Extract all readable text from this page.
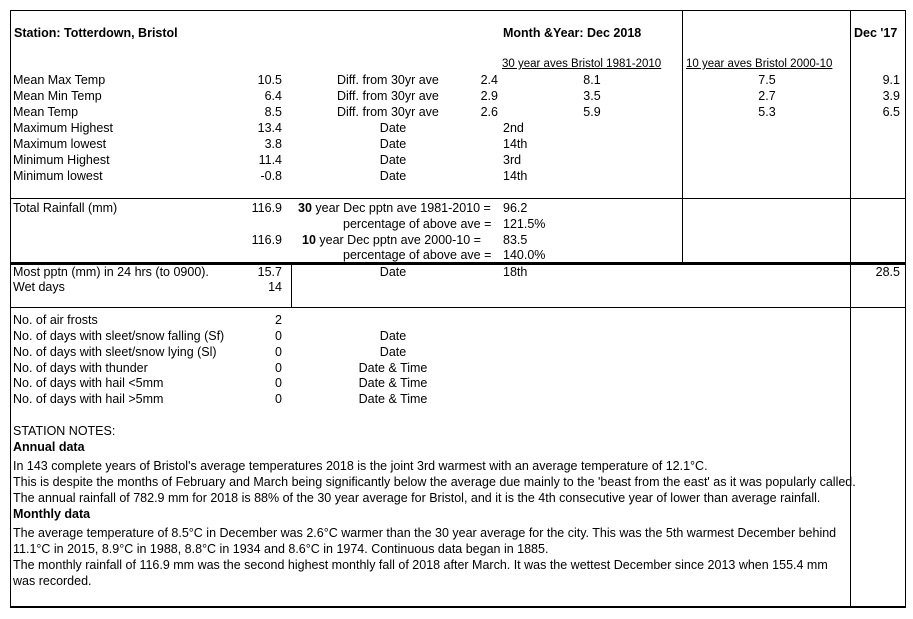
Station: Totterdown, Bristol	Month &Year: Dec 2018	Dec '17
30 year aves Bristol 1981-2010 10 year aves Bristol 2000-10
Mean Max Temp	10.5	Diff. from 30yr ave	2.4	8.1	7.5	9.1
Mean Min Temp	6.4	Diff. from 30yr ave	2.9	3.5	2.7	3.9
Mean Temp	8.5	Diff. from 30yr ave	2.6	5.9	5.3	6.5
Maximum Highest	13.4	Date	2nd
Maximum lowest	3.8	Date	14th
Minimum Highest	11.4	Date	3rd
Minimum lowest	-0.8	Date	14th
Total Rainfall (mm)	116.9 30 year Dec pptn ave 1981-2010 = 96.2
percentage of above ave = 121.5%
116.9 10 year Dec pptn ave 2000-10 = 83.5
percentage of above ave = 140.0%
Most pptn (mm) in 24 hrs (to 0900).	15.7	Date	18th	28.5
Wet days	14
No. of air frosts	2
No. of days with sleet/snow falling (Sf)	0	Date
No. of days with sleet/snow lying (Sl)	0	Date
No. of days with thunder	0	Date & Time
No. of days with hail <5mm	0	Date & Time
No. of days with hail >5mm	0	Date & Time
STATION NOTES:
Annual data
In 143 complete years of Bristol's average temperatures 2018 is the joint 3rd warmest with an average temperature of 12.1°C.
This is despite the months of February and March being significantly below the average due mainly to the 'beast from the east' as it was popularly called.
The annual rainfall of 782.9 mm for 2018 is 88% of the 30 year average for Bristol, and it is the 4th consecutive year of lower than average rainfall.
Monthly data
The average temperature of 8.5°C in December was 2.6°C warmer than the 30 year average for the city. This was the 5th warmest December behind
11.1°C in 2015, 8.9°C in 1988, 8.8°C in 1934 and 8.6°C in 1974. Continuous data began in 1885.
The monthly rainfall of 116.9 mm was the second highest monthly fall of 2018 after March. It was the wettest December since 2013 when 155.4 mm
was recorded.
